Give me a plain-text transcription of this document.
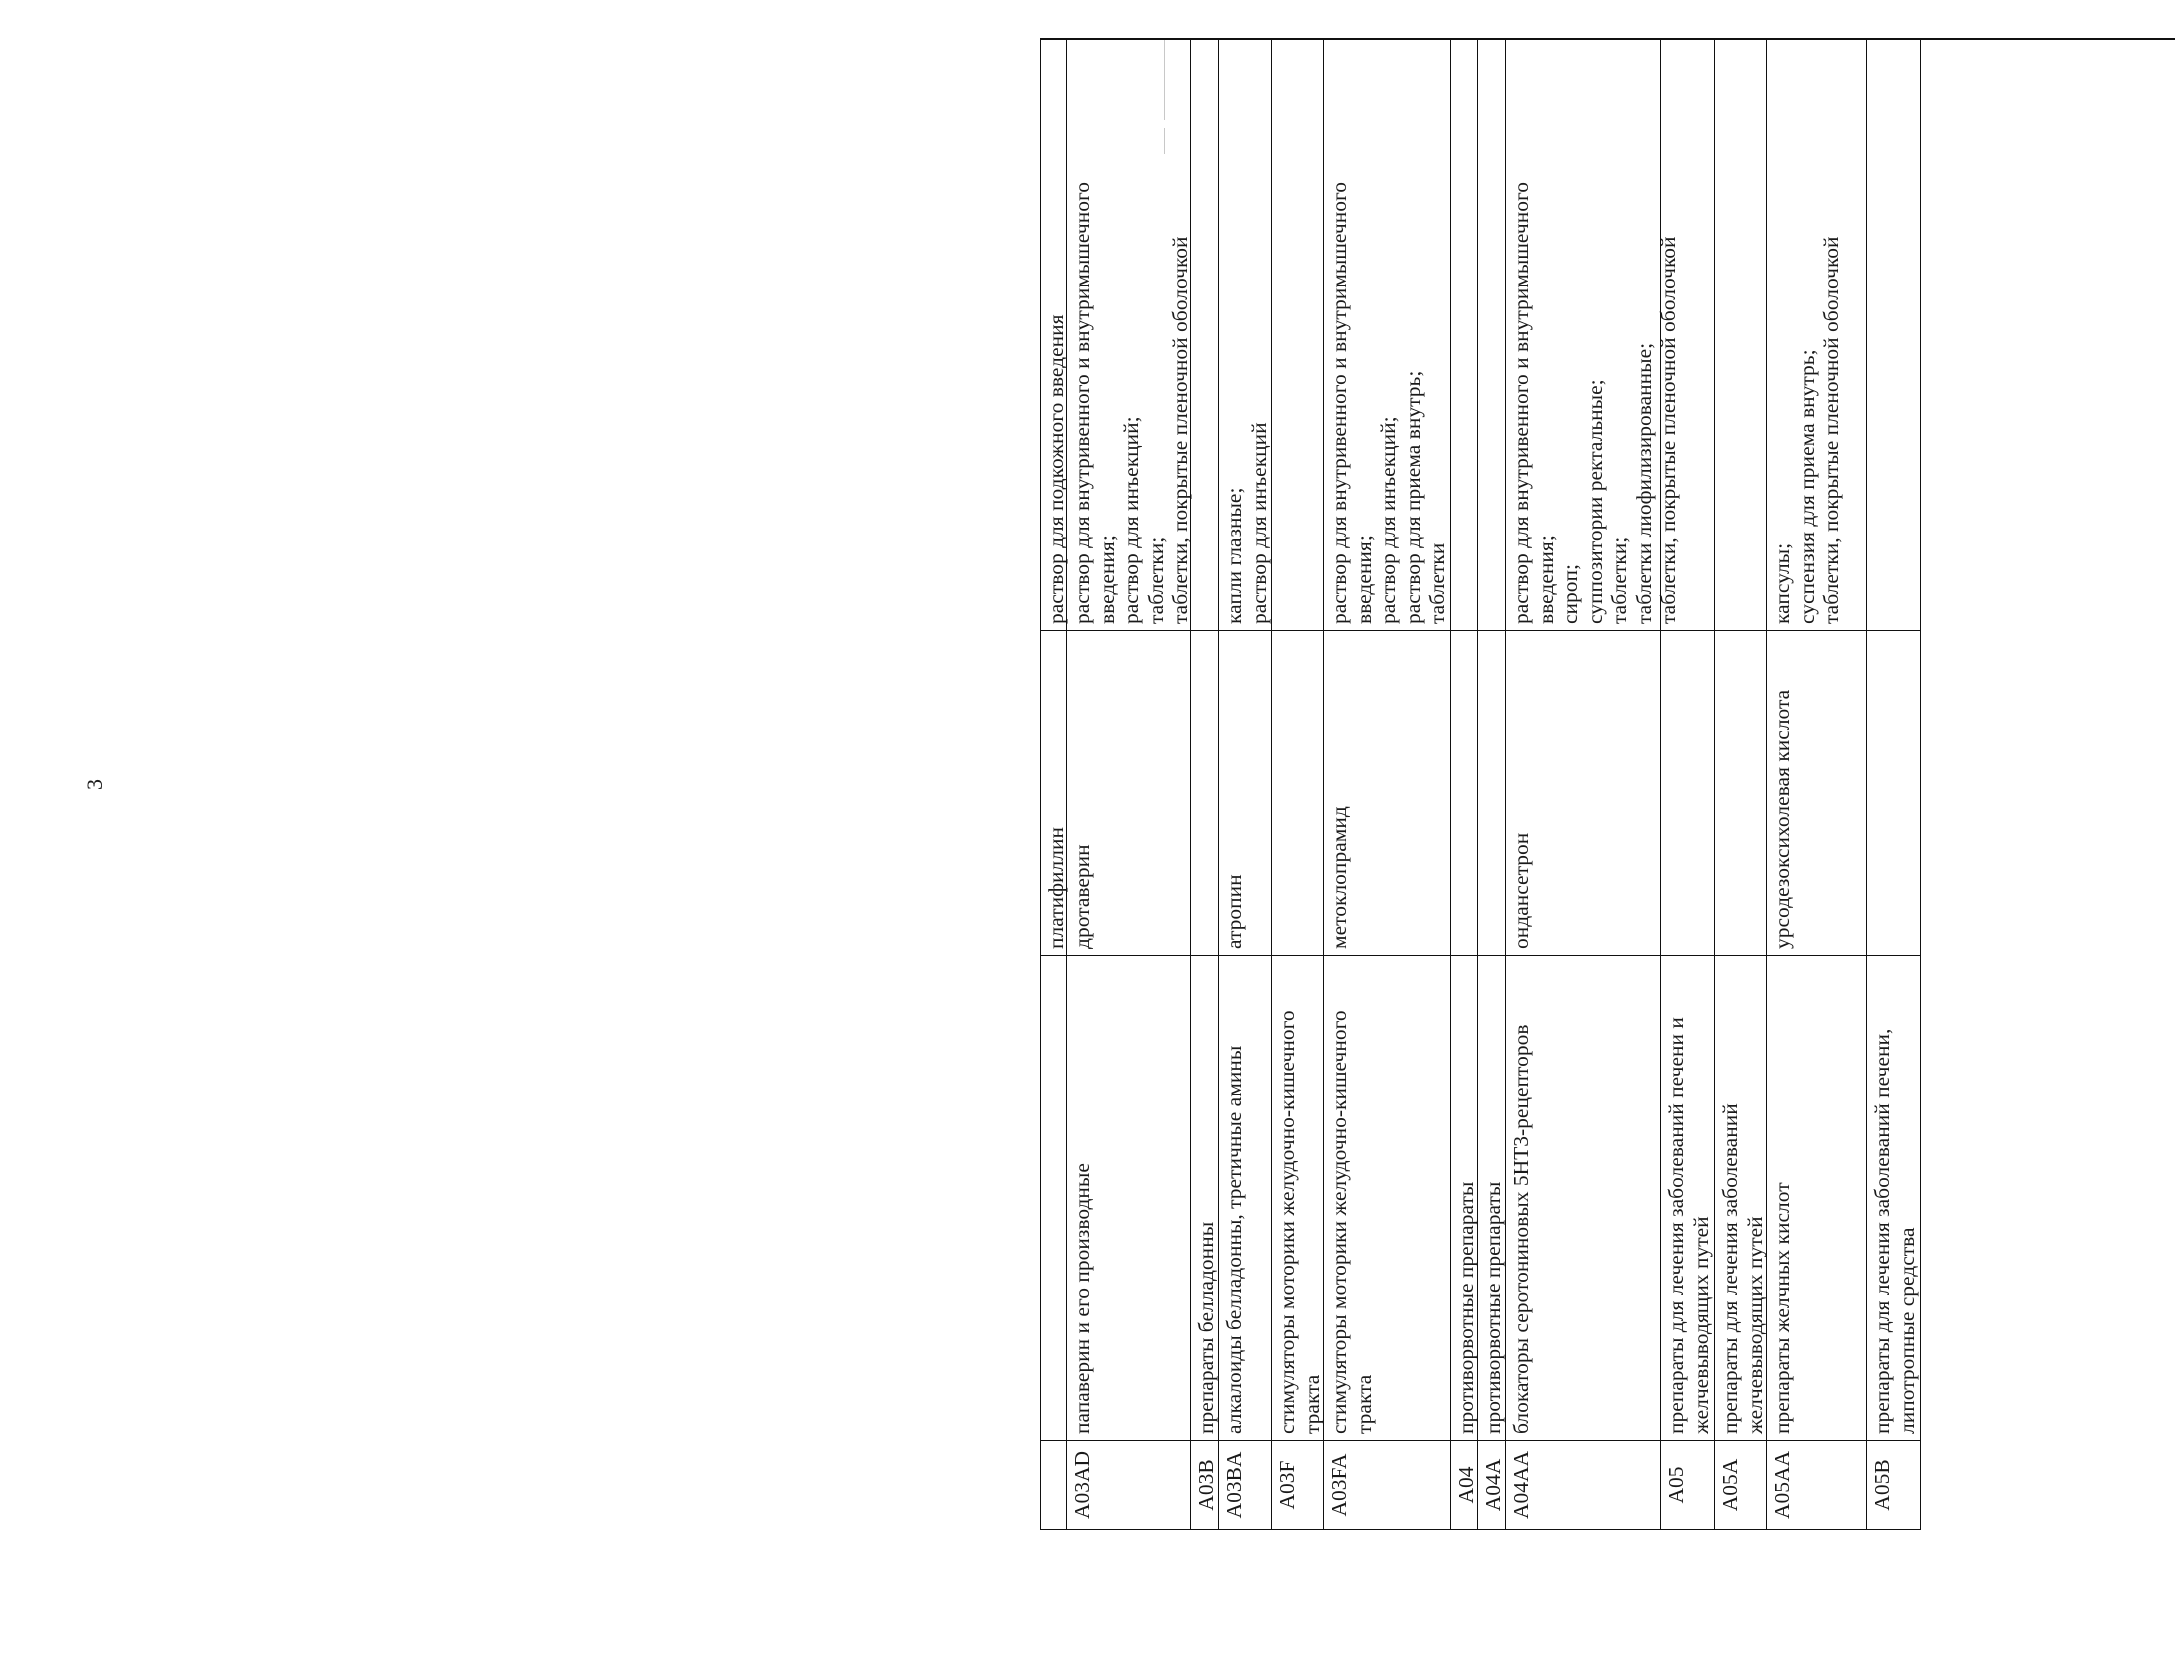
3
платифиллин
раствор для подкожного введения
A03AD
папаверин и его производные
дротаверин
раствор для внутривенного и внутримышечного введения; раствор для инъекций; таблетки; таблетки, покрытые пленочной оболочкой
A03B
препараты белладонны
A03BA
алкалоиды белладонны, третичные амины
атропин
капли глазные; раствор для инъекций
A03F
стимуляторы моторики желудочно-кишечного тракта
A03FA
стимуляторы моторики желудочно-кишечного тракта
метоклопрамид
раствор для внутривенного и внутримышечного введения; раствор для инъекций; раствор для приема внутрь; таблетки
A04
противорвотные препараты
A04A
противорвотные препараты
A04AA
блокаторы серотониновых 5HT3-рецепторов
ондансетрон
раствор для внутривенного и внутримышечного введения; сироп; суппозитории ректальные; таблетки; таблетки лиофилизированные; таблетки, покрытые пленочной оболочкой
A05
препараты для лечения заболеваний печени и желчевыводящих путей
A05A
препараты для лечения заболеваний желчевыводящих путей
A05AA
препараты желчных кислот
урсодезоксихолевая кислота
капсулы; суспензия для приема внутрь; таблетки, покрытые пленочной оболочкой
A05B
препараты для лечения заболеваний печени, липотропные средства
